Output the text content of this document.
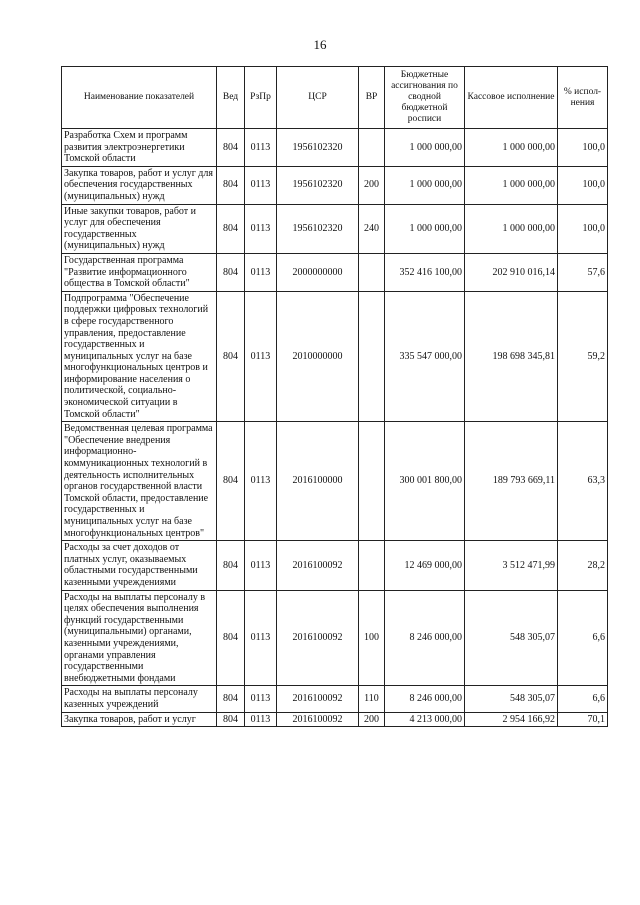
16
Наименование показателей	Вед	РзПр	ЦСР	ВР	Бюджетные ассигнования по сводной бюджетной росписи	Кассовое исполнение	% испол-нения
Разработка Схем и программ развития электроэнергетики Томской области	804	0113	1956102320		1 000 000,00	1 000 000,00	100,0
Закупка товаров, работ и услуг для обеспечения государственных (муниципальных) нужд	804	0113	1956102320	200	1 000 000,00	1 000 000,00	100,0
Иные закупки товаров, работ и услуг для обеспечения государственных (муниципальных) нужд	804	0113	1956102320	240	1 000 000,00	1 000 000,00	100,0
Государственная программа "Развитие информационного общества в Томской области"	804	0113	2000000000		352 416 100,00	202 910 016,14	57,6
Подпрограмма "Обеспечение поддержки цифровых технологий в сфере государственного управления, предоставление государственных и муниципальных услуг на базе многофункциональных центров и информирование населения о политической, социально-экономической ситуации в Томской области"	804	0113	2010000000		335 547 000,00	198 698 345,81	59,2
Ведомственная целевая программа "Обеспечение внедрения информационно-коммуникационных технологий в деятельность исполнительных органов государственной власти Томской области, предоставление государственных и муниципальных услуг на базе многофункциональных центров"	804	0113	2016100000		300 001 800,00	189 793 669,11	63,3
Расходы за счет доходов от платных услуг, оказываемых областными государственными казенными учреждениями	804	0113	2016100092		12 469 000,00	3 512 471,99	28,2
Расходы на выплаты персоналу в целях обеспечения выполнения функций государственными (муниципальными) органами, казенными учреждениями, органами управления государственными внебюджетными фондами	804	0113	2016100092	100	8 246 000,00	548 305,07	6,6
Расходы на выплаты персоналу казенных учреждений	804	0113	2016100092	110	8 246 000,00	548 305,07	6,6
Закупка товаров, работ и услуг	804	0113	2016100092	200	4 213 000,00	2 954 166,92	70,1
